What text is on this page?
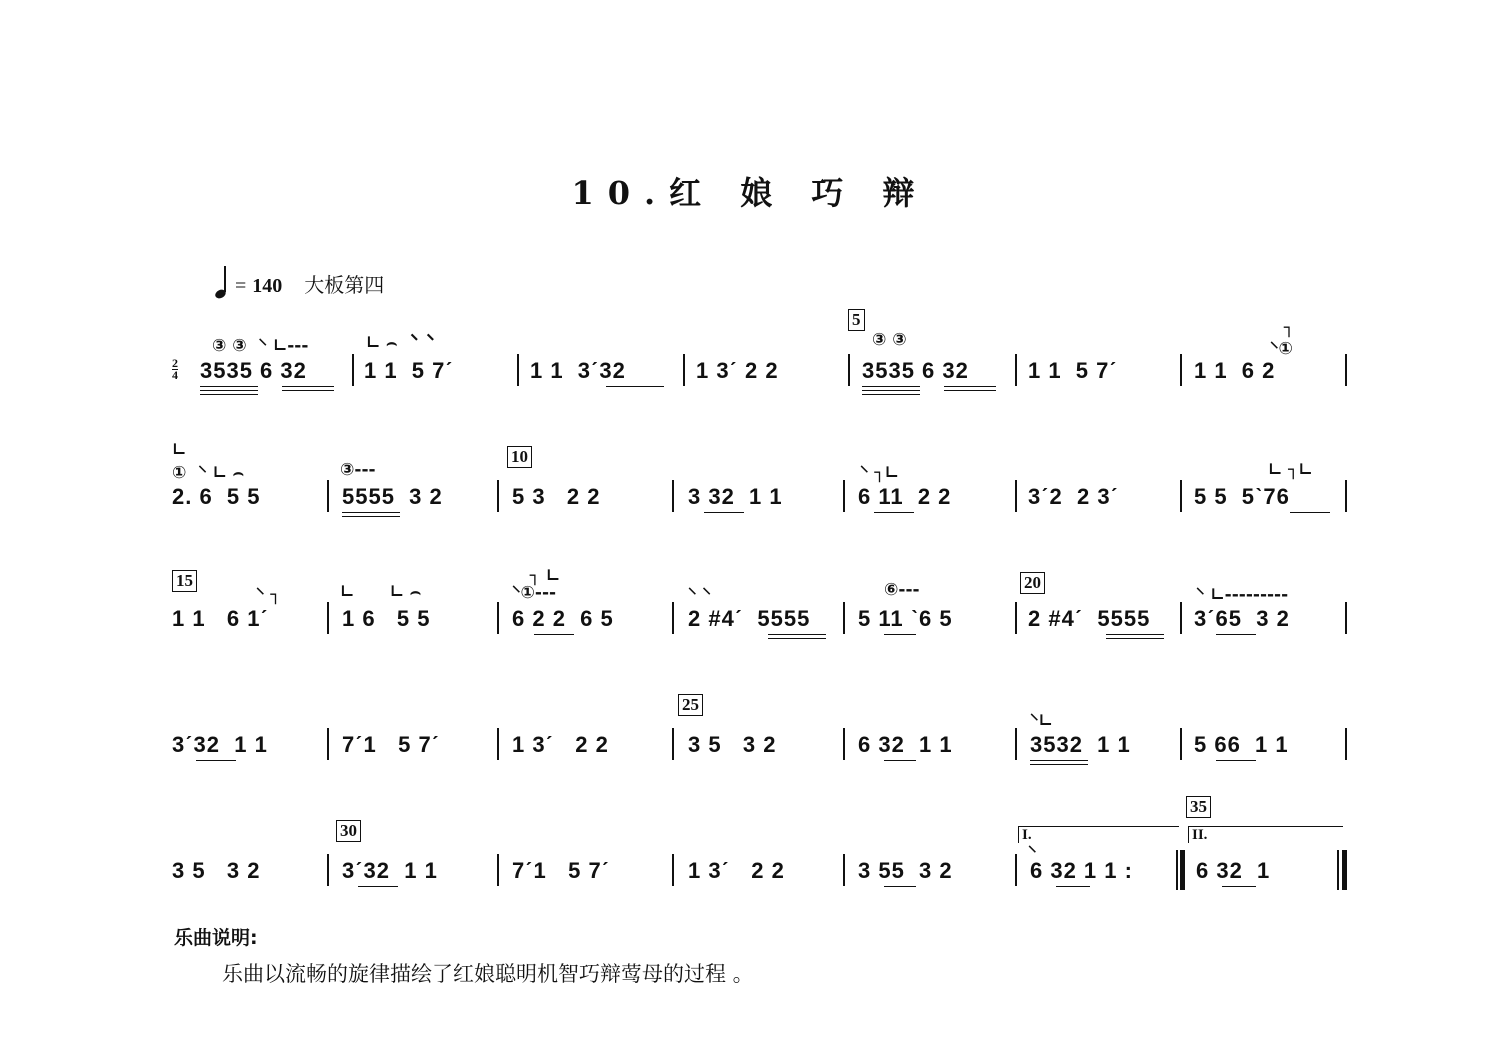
10.红 娘 巧 辩
= 140 大板第四
2
4
5
10
15	20
25
30
35
③ ③  ⸌ ∟---	∟ ⌢  ⸌ ⸌	③ ③
┐
⸌①
3535 6 32	1 1  5 7ˊ	1 1  3ˊ32	1 3ˊ 2 2	3535 6 32	1 1  5 7ˊ	1 1  6 2
∟
①  ⸌ ∟ ⌢	③---	⸌ ┐∟	∟ ┐∟
2. 6  5 5	5555  3 2	5 3   2 2	3 32  1 1	6 11  2 2	3ˊ2  2 3ˊ	5 5  5ˋ76
⸌ ┐	∟      ∟ ⌢
┐ ∟
⸌①---	⸌ ⸌	⑥---	⸌ ∟---------
1 1   6 1ˊ	1 6   5 5	6 2 2  6 5	2 #4ˊ  5555 5 11 ˋ6 5	2 #4ˊ  5555 3ˊ65  3 2
⸌∟
3ˊ32  1 1	7ˊ1   5 7ˊ	1 3ˊ   2 2	3 5   3 2	6 32  1 1	3532  1 1	5 66  1 1
I.	II.
⸌
3 5   3 2	3ˊ32  1 1	7ˊ1   5 7ˊ	1 3ˊ   2 2	3 55  3 2	6 32 1 1 :	6 32  1
乐曲说明:
乐曲以流畅的旋律描绘了红娘聪明机智巧辩莺母的过程 。
